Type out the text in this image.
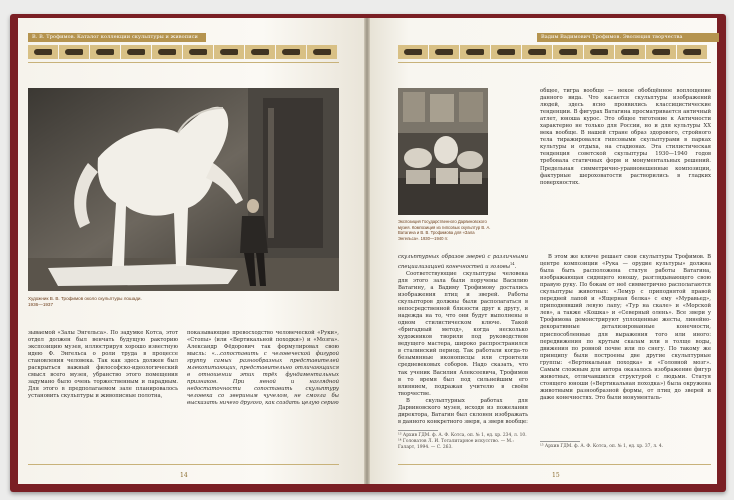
В. В. Трофимов. Каталог коллекции скульптуры и живописи	Вадим Вадимович Трофимов. Эволюция творчества
Художник В. В. Трофимов около скульптуры лошади.
1936—1937

зываемой «Залы Энгельса». По задумке Котса, этот отдел должен был венчать будущую ракторию экспозицию музея, иллюстрируя хорошо известную идею Ф. Энгельса о роли труда в процессе становления человека. Так как здесь должен был раскрыться важный философско-идеологический смысл всего музея, убранство этого помещения задумано было очень торжественным и парадным. Для этого в предполагаемом зале планировалось установить скульптуры и живописные полотна,

показывающие превосходство человеческой «Руки», «Стопы» (или «Вертикальной походки») и «Мозга». Александр Фёдорович так формулировал свою мысль: «…сопоставить с человеческой фигурой группу самых разнообразных представителей млекопитающих, представительно отличающихся в отношении этих трёх фундаментальных признаков. При явной и наглядной недостаточности сопоставить скульптуру человека со звериным чучелом, не смогла бы высказать ничего другого, как создать целую серию
14
Экспозиция Государственного Дарвиновского музея. Композиция из гипсовых скульптур В. А. Ватагина и В. В. Трофимова для «Зала Энгельса». 1930—1940 гг.

общее, тигра вообще — некое обобщённое воплощение данного вида. Что касается скульптуры изображений людей, здесь ясно проявились классицистические тенденции. В фигурах Ватагина просматривается античный атлет, юноша курос. Это общее тяготение к Античности характерно не только для России, но и для культуры XX века вообще. В нашей стране образ здорового, стройного тела тиражировался гипсовыми скульптурами в парках культуры и отдыха, на стадионах. Эта стилистическая тенденция советской скульптуры 1930—1940 годов требовала статичных форм и монументальных решений. Предельная симметрично-уравновешенные композиции, фактурные шероховатости растворились в гладких поверхностях.

скульптурных образов зверей с различными специализацией конечностей и головы$^{14}$.

Соответствующие скульптуры человека для этого зала были поручены Василию Ватагину, а Вадиму Трофимову достались изображения птиц и зверей. Работы скульпторов должны были располагаться в непосредственной близости друг к другу, и надежда на то, что они будут выполнены в одном стилистическом ключе. Такой «бригадный метод», когда несколько художников творили под руководством ведущего мастера, широко распространился в сталинский период. Так работали когда-то безымянные иконописцы или строители средневековых соборов. Надо сказать, что так ученик Василия Алексеевича, Трофимов в то время был под сильнейшим его влиянием, подражая учителю в своём творчестве.

В скульптурных работах для Дарвиновского музея, исходя из пожелания директора, Ватагин был склонен изображать в данного конкретного зверя, а зверя вообще:

¹³ Архив ГДМ. ф. А. Ф. Котса, оп. № 1, ед. хр. 234, л. 10.
¹⁴ Головатов Л. И. Тоталитарное искусство. — М.: Галарт, 1994. — С. 263.

В этом же ключе решает свои скульптуры Трофимов. В центре композиции «Рука — орудие культуры» должна была быть расположена статуя работы Ватагина, изображающая сидящего юношу, разглядывающего свою правую руку. По бокам от неё симметрично располагаются скульптуры животных: «Лемур с приподнятой правой передней лапой и «Ящерная белка» с ему «Муравьед», приподнявший левую лапу; «Тур на скале» и «Морской лев», а также «Кошка» и «Северный олень». Все звери у Трофимова демонстрируют уплощенные жесты, линейно-декоративные детализированные конечности, приспособленные для выражения того или иного: передвижения по крутым скалам или в толще воды, движения по ровной почве или по снегу. По такому же принципу были построены две другие скульптурные группы: «Вертикальная походка» и «Головной мозг». Самым сложным для автора оказалось изображение фигур животных, отличавшихся структурой с людьми. Статуя стоящего юноши («Вертикальная походка») была окружена животными разнообразной формы, от птиц до зверей и даже конечностях. Это были монументаль-

¹⁵ Архив ГДМ. ф. А. Ф. Котса, оп. № 1, ед. хр. 37, л. 4.
15
